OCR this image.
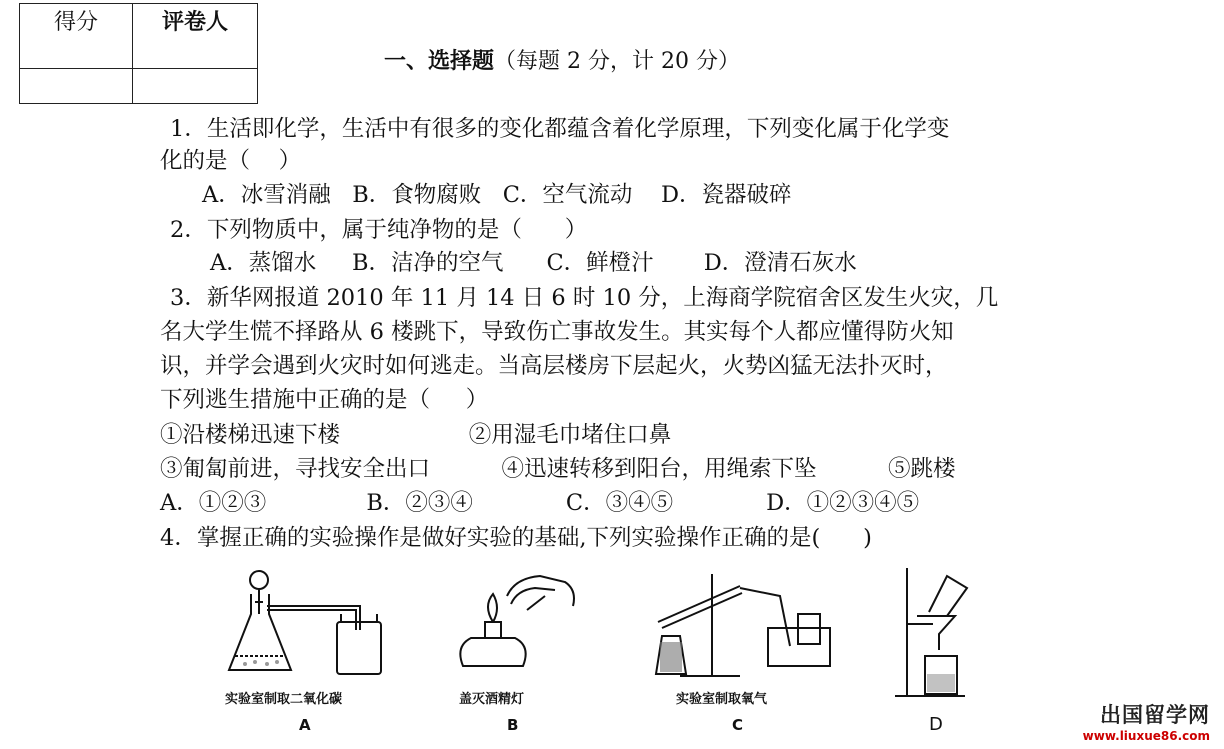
得分	评卷人

一、选择题（每题 2 分，计 20 分）
1．生活即化学，生活中有很多的变化都蕴含着化学原理，下列变化属于化学变
化的是（    ）
A．冰雪消融   B．食物腐败   C．空气流动    D．瓷器破碎
2．下列物质中，属于纯净物的是（      ）
A．蒸馏水     B．洁净的空气      C．鲜橙汁       D．澄清石灰水
3．新华网报道 2010 年 11 月 14 日 6 时 10 分，上海商学院宿舍区发生火灾，几
名大学生慌不择路从 6 楼跳下，导致伤亡事故发生。其实每个人都应懂得防火知
识，并学会遇到火灾时如何逃走。当高层楼房下层起火，火势凶猛无法扑灭时，
下列逃生措施中正确的是（     ）
①沿楼梯迅速下楼                  ②用湿毛巾堵住口鼻
③匍匐前进，寻找安全出口          ④迅速转移到阳台，用绳索下坠          ⑤跳楼
A．①②③              B．②③④             C．③④⑤             D．①②③④⑤
4．掌握正确的实验操作是做好实验的基础,下列实验操作正确的是(      )
实验室制取二氧化碳
A
盖灭酒精灯
B
实验室制取氧气
C	D	出国留学网
www.liuxue86.com
